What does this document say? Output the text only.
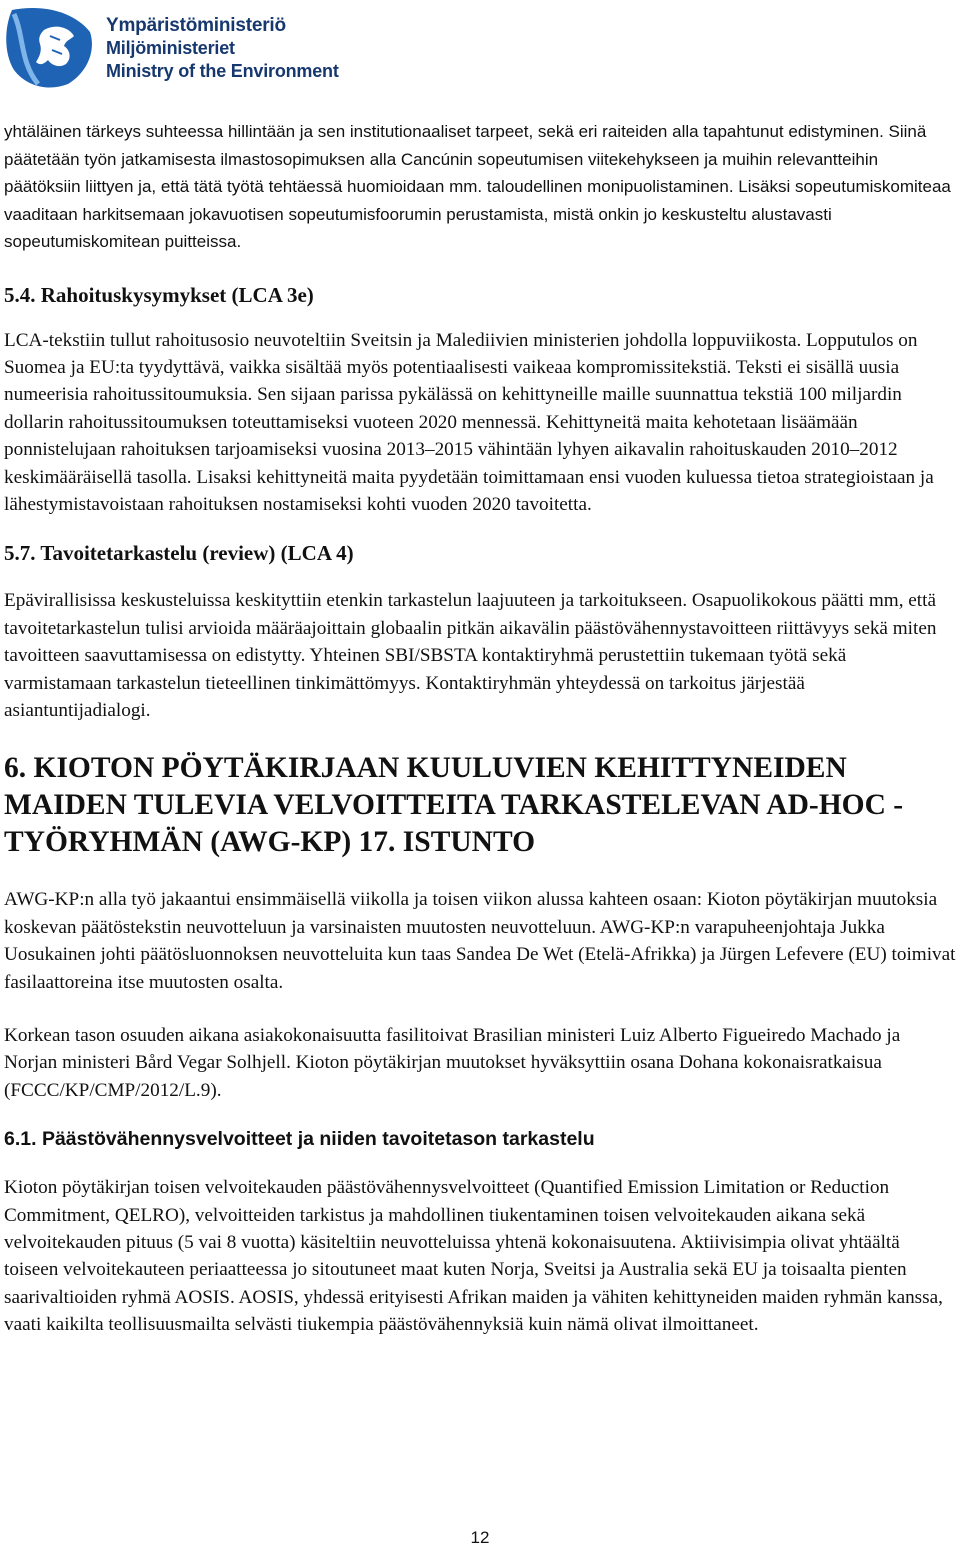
Ympäristöministeriö
Miljöministeriet
Ministry of the Environment

yhtäläinen tärkeys suhteessa hillintään ja sen institutionaaliset tarpeet, sekä eri raiteiden alla tapahtunut edistyminen. Siinä päätetään työn jatkamisesta ilmastosopimuksen alla Cancúnin sopeutumisen viitekehykseen ja muihin relevantteihin päätöksiin liittyen ja, että tätä työtä tehtäessä huomioidaan mm. taloudellinen monipuolistaminen. Lisäksi sopeutumiskomiteaa vaaditaan harkitsemaan jokavuotisen sopeutumisfoorumin perustamista, mistä onkin jo keskusteltu alustavasti sopeutumiskomitean puitteissa.

5.4. Rahoituskysymykset (LCA 3e)

LCA-tekstiin tullut rahoitusosio neuvoteltiin Sveitsin ja Malediivien ministerien johdolla loppuviikosta. Lopputulos on Suomea ja EU:ta tyydyttävä, vaikka sisältää myös potentiaalisesti vaikeaa kompromissitekstiä. Teksti ei sisällä uusia numeerisia rahoitussitoumuksia. Sen sijaan parissa pykälässä on kehittyneille maille suunnattua tekstiä 100 miljardin dollarin rahoitussitoumuksen toteuttamiseksi vuoteen 2020 mennessä. Kehittyneitä maita kehotetaan lisäämään ponnistelujaan rahoituksen tarjoamiseksi vuosina 2013–2015 vähintään lyhyen aikavalin rahoituskauden 2010–2012 keskimääräisellä tasolla. Lisaksi kehittyneitä maita pyydetään toimittamaan ensi vuoden kuluessa tietoa strategioistaan ja lähestymistavoistaan rahoituksen nostamiseksi kohti vuoden 2020 tavoitetta.

5.7. Tavoitetarkastelu (review) (LCA 4)

Epävirallisissa keskusteluissa keskityttiin etenkin tarkastelun laajuuteen ja tarkoitukseen. Osapuolikokous päätti mm, että tavoitetarkastelun tulisi arvioida määräajoittain globaalin pitkän aikavälin päästövähennystavoitteen riittävyys sekä miten tavoitteen saavuttamisessa on edistytty. Yhteinen SBI/SBSTA kontaktiryhmä perustettiin tukemaan työtä sekä varmistamaan tarkastelun tieteellinen tinkimättömyys. Kontaktiryhmän yhteydessä on tarkoitus järjestää asiantuntijadialogi.

6. KIOTON PÖYTÄKIRJAAN KUULUVIEN KEHITTYNEIDEN MAIDEN TULEVIA VELVOITTEITA TARKASTELEVAN AD-HOC -TYÖRYHMÄN (AWG-KP) 17. ISTUNTO

AWG-KP:n alla työ jakaantui ensimmäisellä viikolla ja toisen viikon alussa kahteen osaan: Kioton pöytäkirjan muutoksia koskevan päätöstekstin neuvotteluun ja varsinaisten muutosten neuvotteluun. AWG-KP:n varapuheenjohtaja Jukka Uosukainen johti päätösluonnoksen neuvotteluita kun taas Sandea De Wet (Etelä-Afrikka) ja Jürgen Lefevere (EU) toimivat fasilaattoreina itse muutosten osalta.

Korkean tason osuuden aikana asiakokonaisuutta fasilitoivat Brasilian ministeri Luiz Alberto Figueiredo Machado ja Norjan ministeri Bård Vegar Solhjell. Kioton pöytäkirjan muutokset hyväksyttiin osana Dohana kokonaisratkaisua (FCCC/KP/CMP/2012/L.9).

6.1. Päästövähennysvelvoitteet ja niiden tavoitetason tarkastelu

Kioton pöytäkirjan toisen velvoitekauden päästövähennysvelvoitteet (Quantified Emission Limitation or Reduction Commitment, QELRO), velvoitteiden tarkistus ja mahdollinen tiukentaminen toisen velvoitekauden aikana sekä velvoitekauden pituus (5 vai 8 vuotta) käsiteltiin neuvotteluissa yhtenä kokonaisuutena. Aktiivisimpia olivat yhtäältä toiseen velvoitekauteen periaatteessa jo sitoutuneet maat kuten Norja, Sveitsi ja Australia sekä EU ja toisaalta pienten saarivaltioiden ryhmä AOSIS. AOSIS, yhdessä erityisesti Afrikan maiden ja vähiten kehittyneiden maiden ryhmän kanssa, vaati kaikilta teollisuusmailta selvästi tiukempia päästövähennyksiä kuin nämä olivat ilmoittaneet.

12
